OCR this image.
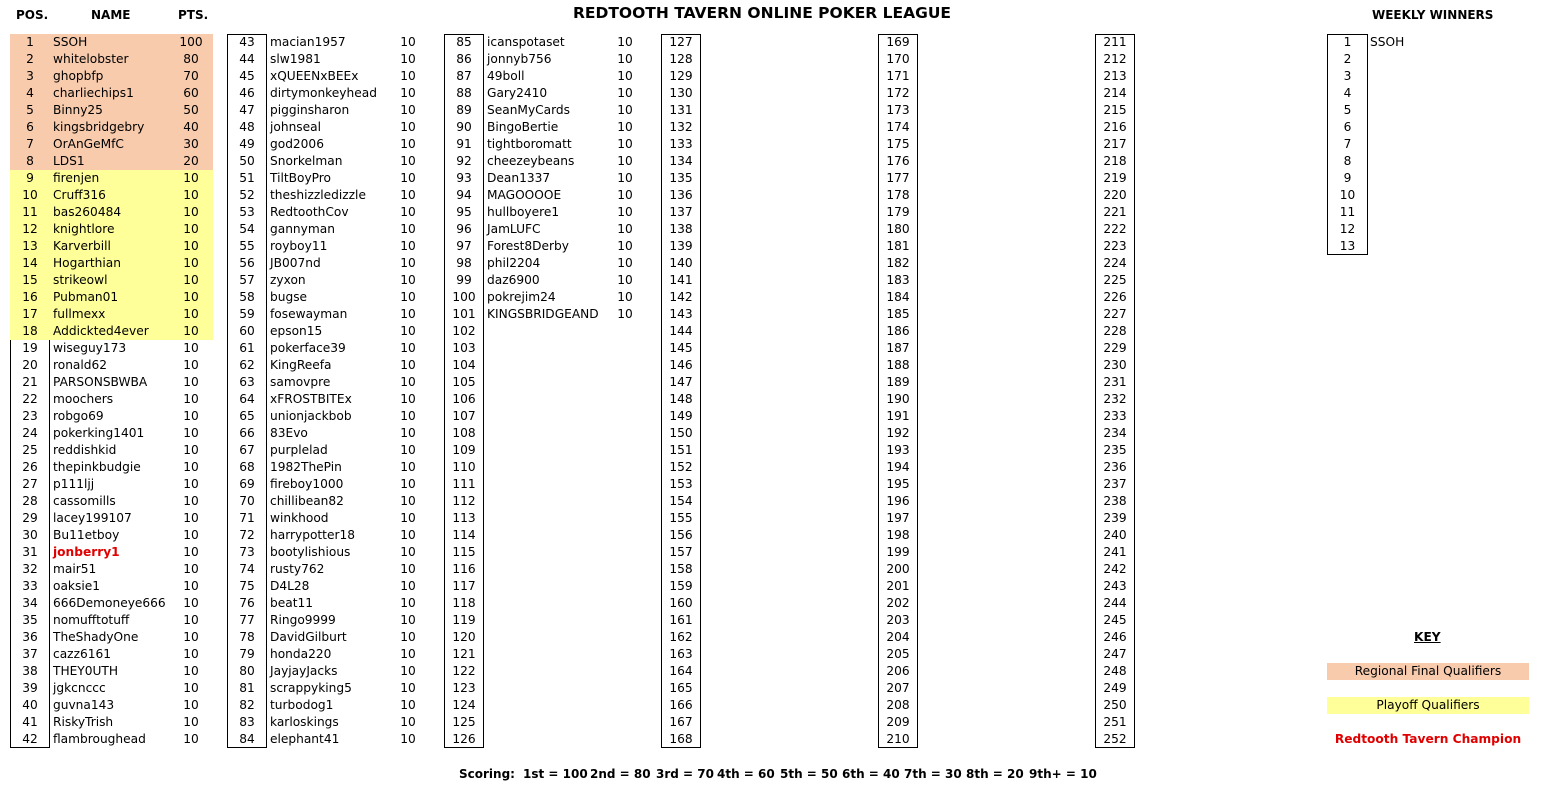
POS.	NAME	PTS.	REDTOOTH TAVERN ONLINE POKER LEAGUE	WEEKLY WINNERS
1	SSOH	100
2	whitelobster	80
3	ghopbfp	70
4	charliechips1	60
5	Binny25	50
6	kingsbridgebry	40
7	OrAnGeMfC	30
8	LDS1	20
9	firenjen	10
10	Cruff316	10
11	bas260484	10
12	knightlore	10
13	Karverbill	10
14	Hogarthian	10
15	strikeowl	10
16	Pubman01	10
17	fullmexx	10
18	Addickted4ever	10
19	wiseguy173	10
20	ronald62	10
21	PARSONSBWBA	10
22	moochers	10
23	robgo69	10
24	pokerking1401	10
25	reddishkid	10
26	thepinkbudgie	10
27	p111ljj	10
28	cassomills	10
29	lacey199107	10
30	Bu11etboy	10
31	jonberry1	10
32	mair51	10
33	oaksie1	10
34	666Demoneye666	10
35	nomufftotuff	10
36	TheShadyOne	10
37	cazz6161	10
38	THEY0UTH	10
39	jgkcnccc	10
40	guvna143	10
41	RiskyTrish	10
42	flambroughead	10
43	macian1957	10
44	slw1981	10
45	xQUEENxBEEx	10
46	dirtymonkeyhead	10
47	pigginsharon	10
48	johnseal	10
49	god2006	10
50	Snorkelman	10
51	TiltBoyPro	10
52	theshizzledizzle	10
53	RedtoothCov	10
54	gannyman	10
55	royboy11	10
56	JB007nd	10
57	zyxon	10
58	bugse	10
59	fosewayman	10
60	epson15	10
61	pokerface39	10
62	KingReefa	10
63	samovpre	10
64	xFROSTBITEx	10
65	unionjackbob	10
66	83Evo	10
67	purplelad	10
68	1982ThePin	10
69	fireboy1000	10
70	chillibean82	10
71	winkhood	10
72	harrypotter18	10
73	bootylishious	10
74	rusty762	10
75	D4L28	10
76	beat11	10
77	Ringo9999	10
78	DavidGilburt	10
79	honda220	10
80	JayjayJacks	10
81	scrappyking5	10
82	turbodog1	10
83	karloskings	10
84	elephant41	10
85	icanspotaset	10
86	jonnyb756	10
87	49boll	10
88	Gary2410	10
89	SeanMyCards	10
90	BingoBertie	10
91	tightboromatt	10
92	cheezeybeans	10
93	Dean1337	10
94	MAGOOOOE	10
95	hullboyere1	10
96	JamLUFC	10
97	Forest8Derby	10
98	phil2204	10
99	daz6900	10
100 pokrejim24	10
101 KINGSBRIDGEAND	10
102
103
104
105
106
107
108
109
110
111
112
113
114
115
116
117
118
119
120
121
122
123
124
125
126
127
128
129
130
131
132
133
134
135
136
137
138
139
140
141
142
143
144
145
146
147
148
149
150
151
152
153
154
155
156
157
158
159
160
161
162
163
164
165
166
167
168
169
170
171
172
173
174
175
176
177
178
179
180
181
182
183
184
185
186
187
188
189
190
191
192
193
194
195
196
197
198
199
200
201
202
203
204
205
206
207
208
209
210
211
212
213
214
215
216
217
218
219
220
221
222
223
224
225
226
227
228
229
230
231
232
233
234
235
236
237
238
239
240
241
242
243
244
245
246
247
248
249
250
251
252
1	SSOH
2
3
4
5
6
7
8
9
10
11
12
13
KEY
Regional Final Qualifiers
Playoff Qualifiers
Redtooth Tavern Champion
Scoring: 1st = 100 2nd = 80 3rd = 70 4th = 60 5th = 50 6th = 40 7th = 30 8th = 20 9th+ = 10
